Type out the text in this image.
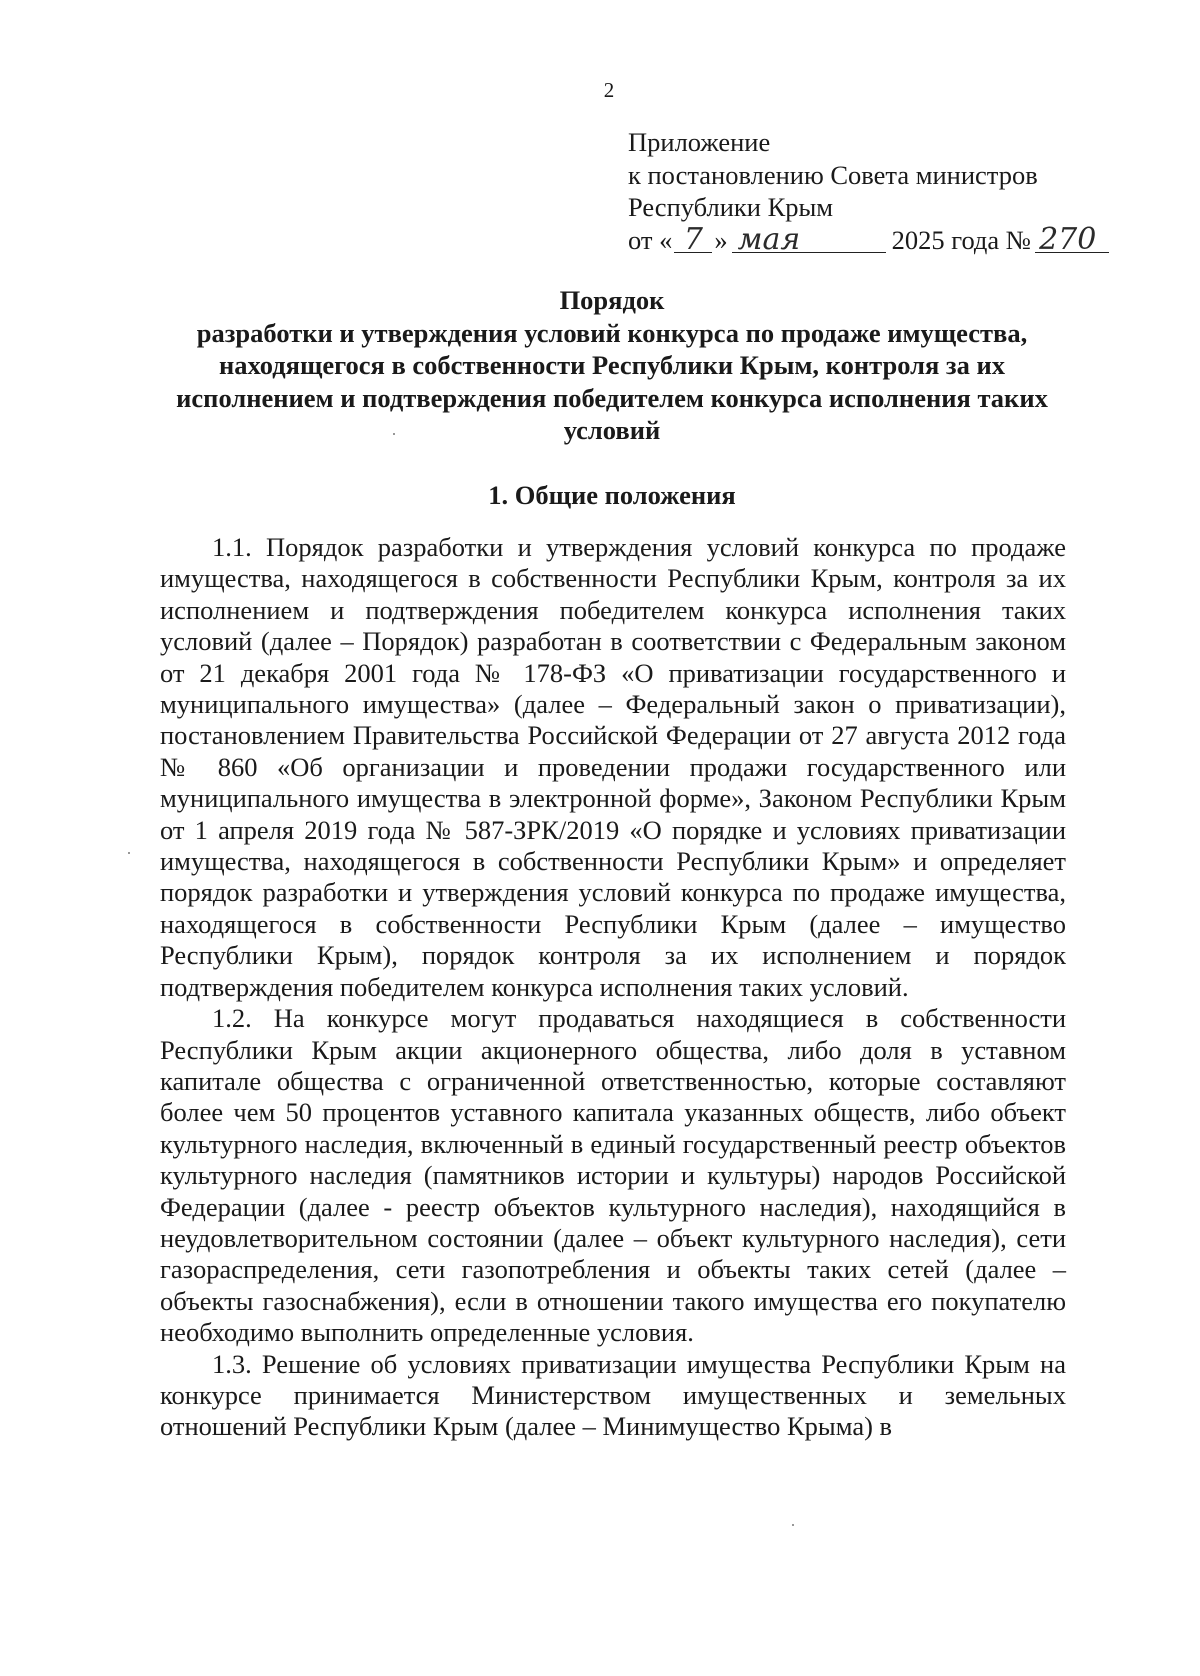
2
Приложение
к постановлению Совета министров
Республики Крым
от « 7 » мая	2025 года № 270
Порядок
разработки и утверждения условий конкурса по продаже имущества, находящегося в собственности Республики Крым, контроля за их исполнением и подтверждения победителем конкурса исполнения таких условий
1. Общие положения

1.1. Порядок разработки и утверждения условий конкурса по продаже имущества, находящегося в собственности Республики Крым, контроля за их исполнением и подтверждения победителем конкурса исполнения таких условий (далее – Порядок) разработан в соответствии с Федеральным законом от 21 декабря 2001 года № 178-ФЗ «О приватизации государственного и муниципального имущества» (далее – Федеральный закон о приватизации), постановлением Правительства Российской Федерации от 27 августа 2012 года № 860 «Об организации и проведении продажи государственного или муниципального имущества в электронной форме», Законом Республики Крым от 1 апреля 2019 года № 587-ЗРК/2019 «О порядке и условиях приватизации имущества, находящегося в собственности Республики Крым» и определяет порядок разработки и утверждения условий конкурса по продаже имущества, находящегося в собственности Республики Крым (далее – имущество Республики Крым), порядок контроля за их исполнением и порядок подтверждения победителем конкурса исполнения таких условий.

1.2. На конкурсе могут продаваться находящиеся в собственности Республики Крым акции акционерного общества, либо доля в уставном капитале общества с ограниченной ответственностью, которые составляют более чем 50 процентов уставного капитала указанных обществ, либо объект культурного наследия, включенный в единый государственный реестр объектов культурного наследия (памятников истории и культуры) народов Российской Федерации (далее - реестр объектов культурного наследия), находящийся в неудовлетворительном состоянии (далее – объект культурного наследия), сети газораспределения, сети газопотребления и объекты таких сетей (далее – объекты газоснабжения), если в отношении такого имущества его покупателю необходимо выполнить определенные условия.

1.3. Решение об условиях приватизации имущества Республики Крым на конкурсе принимается Министерством имущественных и земельных отношений Республики Крым (далее – Минимущество Крыма) в
